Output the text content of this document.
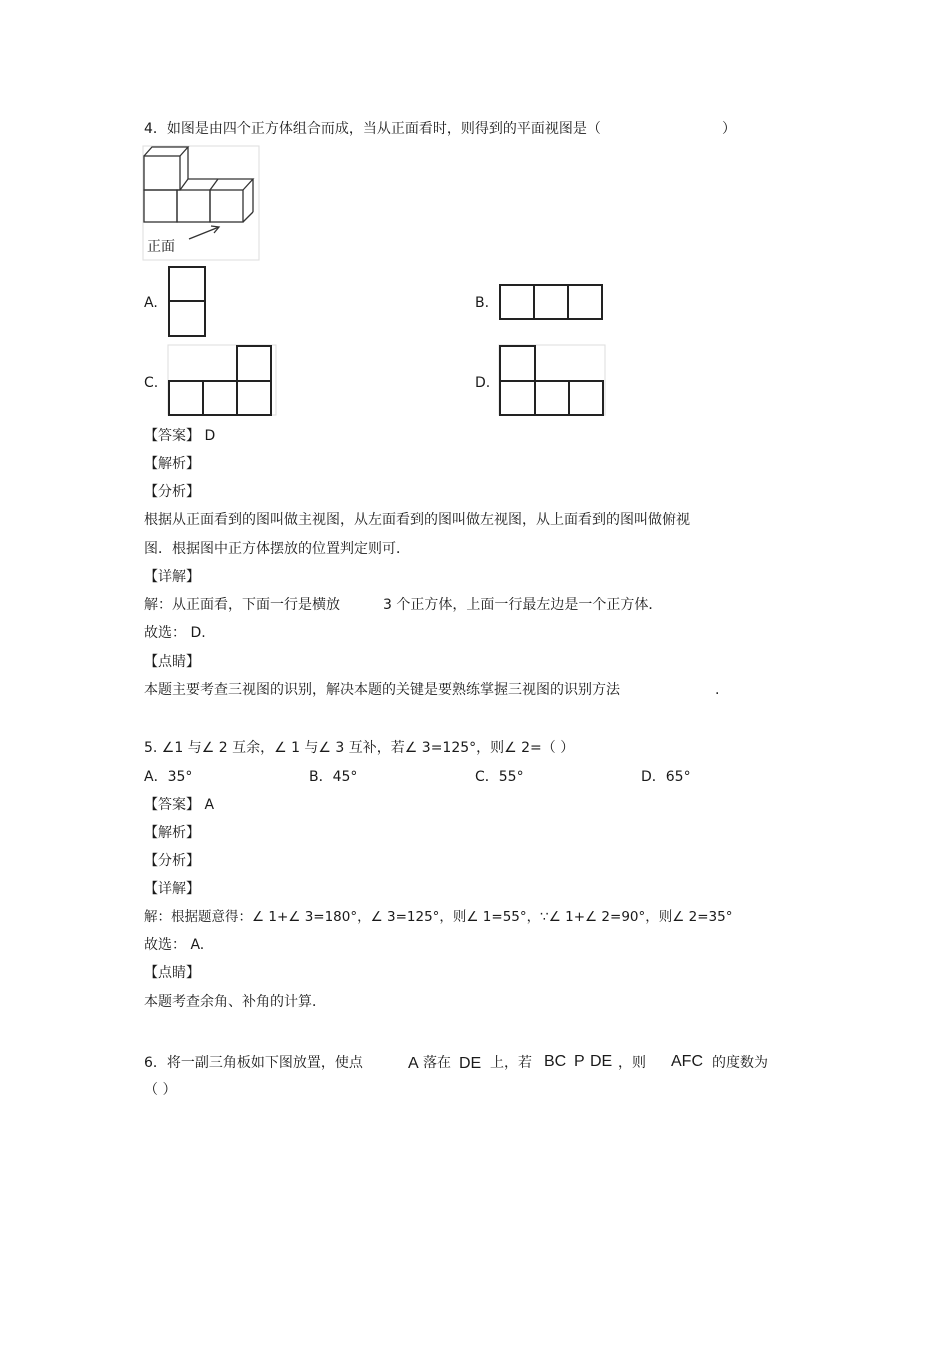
4．如图是由四个正方体组合而成，当从正面看时，则得到的平面视图是（	）
正面
A.	B.
C.	D.
【答案】 D
【解析】
【分析】
根据从正面看到的图叫做主视图，从左面看到的图叫做左视图，从上面看到的图叫做俯视
图．根据图中正方体摆放的位置判定则可．
【详解】
解：从正面看，下面一行是横放	3 个正方体，上面一行最左边是一个正方体．
故选： D.
【点睛】
本题主要考查三视图的识别，解决本题的关键是要熟练掌握三视图的识别方法	.
5. ∠1 与∠ 2 互余，∠ 1 与∠ 3 互补，若∠ 3=125°，则∠ 2=（ ）
A．35°	B．45°	C．55°	D．65°
【答案】 A
【解析】
【分析】
【详解】
解：根据题意得：∠ 1+∠ 3=180°，∠ 3=125°，则∠ 1=55°，∵∠ 1+∠ 2=90°，则∠ 2=35°
故选： A.
【点睛】
本题考查余角、补角的计算．
6．将一副三角板如下图放置，使点	A 落在 DE 上，若 BC P DE ，则 AFC 的度数为
（ ）
